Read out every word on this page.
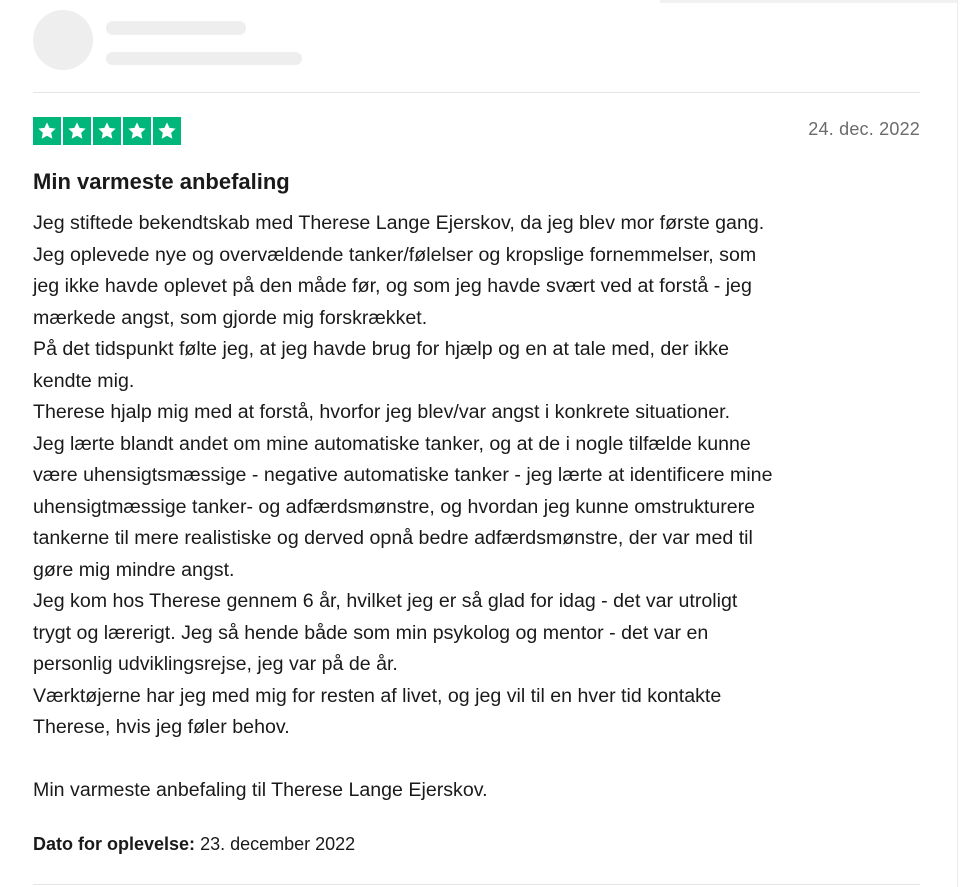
24. dec. 2022
Min varmeste anbefaling
Jeg stiftede bekendtskab med Therese Lange Ejerskov, da jeg blev mor første gang.
Jeg oplevede nye og overvældende tanker/følelser og kropslige fornemmelser, som
jeg ikke havde oplevet på den måde før, og som jeg havde svært ved at forstå - jeg
mærkede angst, som gjorde mig forskrækket.
På det tidspunkt følte jeg, at jeg havde brug for hjælp og en at tale med, der ikke
kendte mig.
Therese hjalp mig med at forstå, hvorfor jeg blev/var angst i konkrete situationer.
Jeg lærte blandt andet om mine automatiske tanker, og at de i nogle tilfælde kunne
være uhensigtsmæssige - negative automatiske tanker - jeg lærte at identificere mine
uhensigtmæssige tanker- og adfærdsmønstre, og hvordan jeg kunne omstrukturere
tankerne til mere realistiske og derved opnå bedre adfærdsmønstre, der var med til
gøre mig mindre angst.
Jeg kom hos Therese gennem 6 år, hvilket jeg er så glad for idag - det var utroligt
trygt og lærerigt. Jeg så hende både som min psykolog og mentor - det var en
personlig udviklingsrejse, jeg var på de år.
Værktøjerne har jeg med mig for resten af livet, og jeg vil til en hver tid kontakte
Therese, hvis jeg føler behov.
Min varmeste anbefaling til Therese Lange Ejerskov.
Dato for oplevelse: 23. december 2022
